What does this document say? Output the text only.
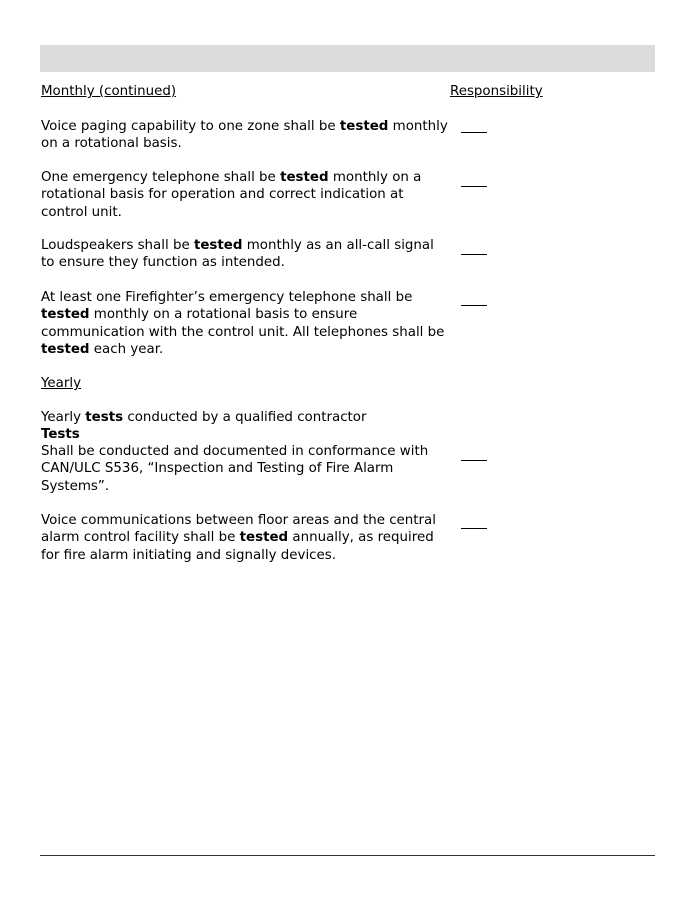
Monthly (continued)	Responsibility

Voice paging capability to one zone shall be tested monthly on a rotational basis.

One emergency telephone shall be tested monthly on a rotational basis for operation and correct indication at control unit.

Loudspeakers shall be tested monthly as an all-call signal to ensure they function as intended.

At least one Firefighter’s emergency telephone shall be tested monthly on a rotational basis to ensure communication with the control unit. All telephones shall be tested each year.

Yearly

Yearly tests conducted by a qualified contractor

Tests

Shall be conducted and documented in conformance with CAN/ULC S536, “Inspection and Testing of Fire Alarm Systems”.

Voice communications between floor areas and the central alarm control facility shall be tested annually, as required for fire alarm initiating and signally devices.
